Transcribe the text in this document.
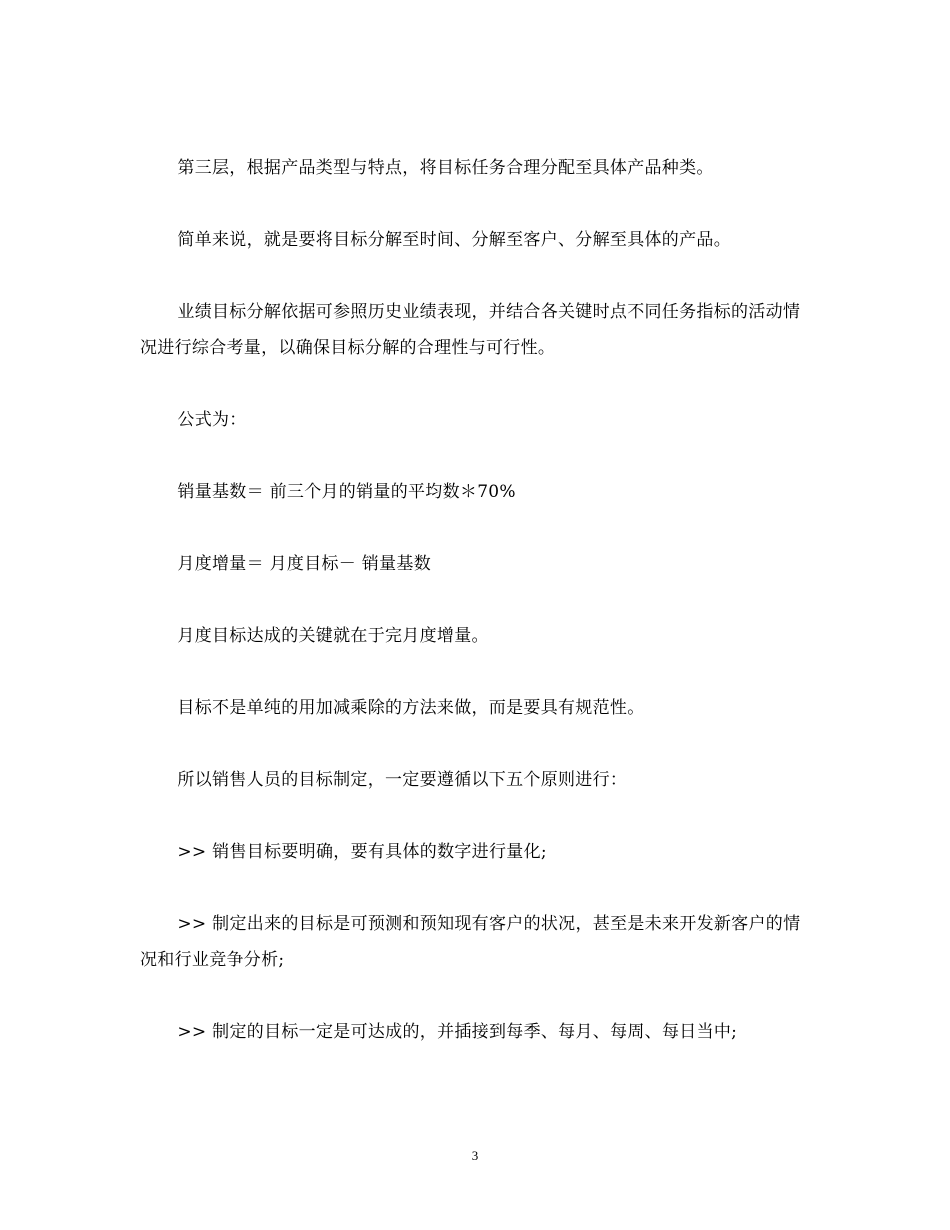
第三层，根据产品类型与特点，将目标任务合理分配至具体产品种类。

简单来说，就是要将目标分解至时间、分解至客户、分解至具体的产品。

业绩目标分解依据可参照历史业绩表现，并结合各关键时点不同任务指标的活动情况进行综合考量，以确保目标分解的合理性与可行性。

公式为：

销量基数＝ 前三个月的销量的平均数＊70%

月度增量＝ 月度目标－ 销量基数

月度目标达成的关键就在于完月度增量。

目标不是单纯的用加减乘除的方法来做，而是要具有规范性。

所以销售人员的目标制定，一定要遵循以下五个原则进行：

>> 销售目标要明确，要有具体的数字进行量化;

>> 制定出来的目标是可预测和预知现有客户的状况，甚至是未来开发新客户的情况和行业竞争分析;

>> 制定的目标一定是可达成的，并插接到每季、每月、每周、每日当中;

3
